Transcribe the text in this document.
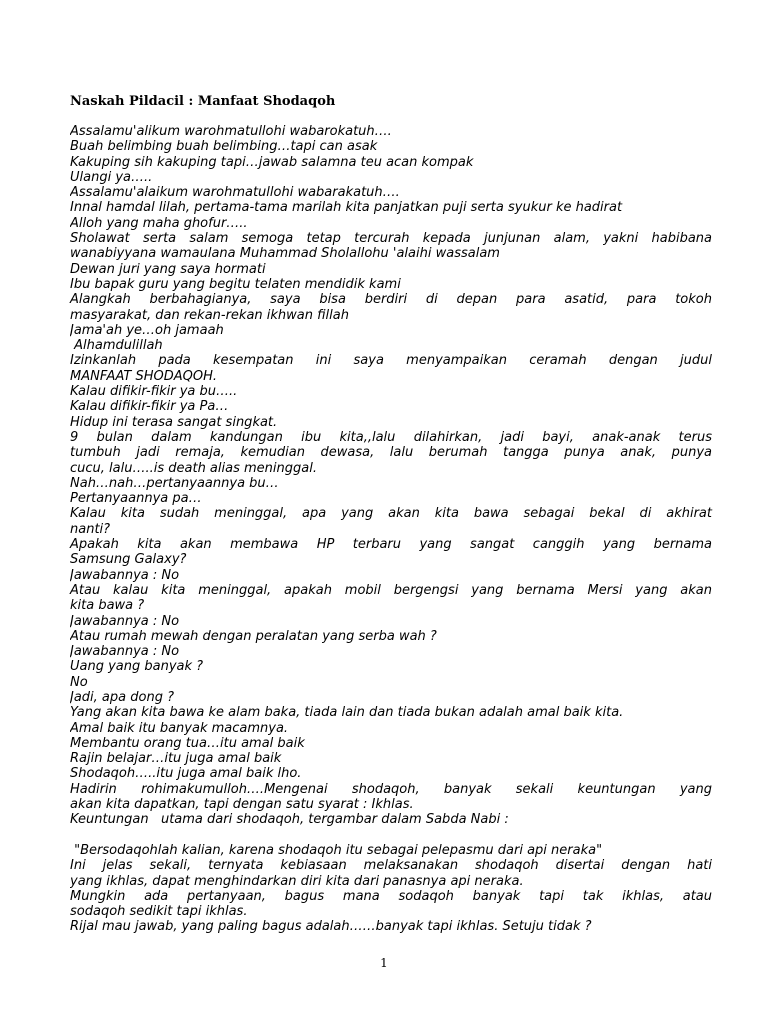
Naskah Pildacil : Manfaat Shodaqoh
Assalamu'alikum warohmatullohi wabarokatuh….
Buah belimbing buah belimbing…tapi can asak
Kakuping sih kakuping tapi…jawab salamna teu acan kompak
Ulangi ya…..
Assalamu'alaikum warohmatullohi wabarakatuh….
Innal hamdal lilah, pertama-tama marilah kita panjatkan puji serta syukur ke hadirat
Alloh yang maha ghofur…..
Sholawat serta salam semoga tetap tercurah kepada junjunan alam, yakni habibana
wanabiyyana wamaulana Muhammad Sholallohu 'alaihi wassalam
Dewan juri yang saya hormati
Ibu bapak guru yang begitu telaten mendidik kami
Alangkah berbahagianya, saya bisa berdiri di depan para asatid, para tokoh
masyarakat, dan rekan-rekan ikhwan fillah
Jama'ah ye…oh jamaah
Alhamdulillah
Izinkanlah pada kesempatan ini saya menyampaikan ceramah dengan judul
MANFAAT SHODAQOH.
Kalau difikir-fikir ya bu…..
Kalau difikir-fikir ya Pa…
Hidup ini terasa sangat singkat.
9 bulan dalam kandungan ibu kita,,lalu dilahirkan, jadi bayi, anak-anak terus
tumbuh jadi remaja, kemudian dewasa, lalu berumah tangga punya anak, punya
cucu, lalu…..is death alias meninggal.
Nah…nah…pertanyaannya bu…
Pertanyaannya pa…
Kalau kita sudah meninggal, apa yang akan kita bawa sebagai bekal di akhirat
nanti?
Apakah kita akan membawa HP terbaru yang sangat canggih yang bernama
Samsung Galaxy?
Jawabannya : No
Atau kalau kita meninggal, apakah mobil bergengsi yang bernama Mersi yang akan
kita bawa ?
Jawabannya : No
Atau rumah mewah dengan peralatan yang serba wah ?
Jawabannya : No
Uang yang banyak ?
No
Jadi, apa dong ?
Yang akan kita bawa ke alam baka, tiada lain dan tiada bukan adalah amal baik kita.
Amal baik itu banyak macamnya.
Membantu orang tua…itu amal baik
Rajin belajar…itu juga amal baik
Shodaqoh…..itu juga amal baik lho.
Hadirin rohimakumulloh….Mengenai shodaqoh, banyak sekali keuntungan yang
akan kita dapatkan, tapi dengan satu syarat : Ikhlas.
Keuntungan   utama dari shodaqoh, tergambar dalam Sabda Nabi :
"Bersodaqohlah kalian, karena shodaqoh itu sebagai pelepasmu dari api neraka"
Ini jelas sekali, ternyata kebiasaan melaksanakan shodaqoh disertai dengan hati
yang ikhlas, dapat menghindarkan diri kita dari panasnya api neraka.
Mungkin ada pertanyaan, bagus mana sodaqoh banyak tapi tak ikhlas, atau
sodaqoh sedikit tapi ikhlas.
Rijal mau jawab, yang paling bagus adalah……banyak tapi ikhlas. Setuju tidak ?
1
